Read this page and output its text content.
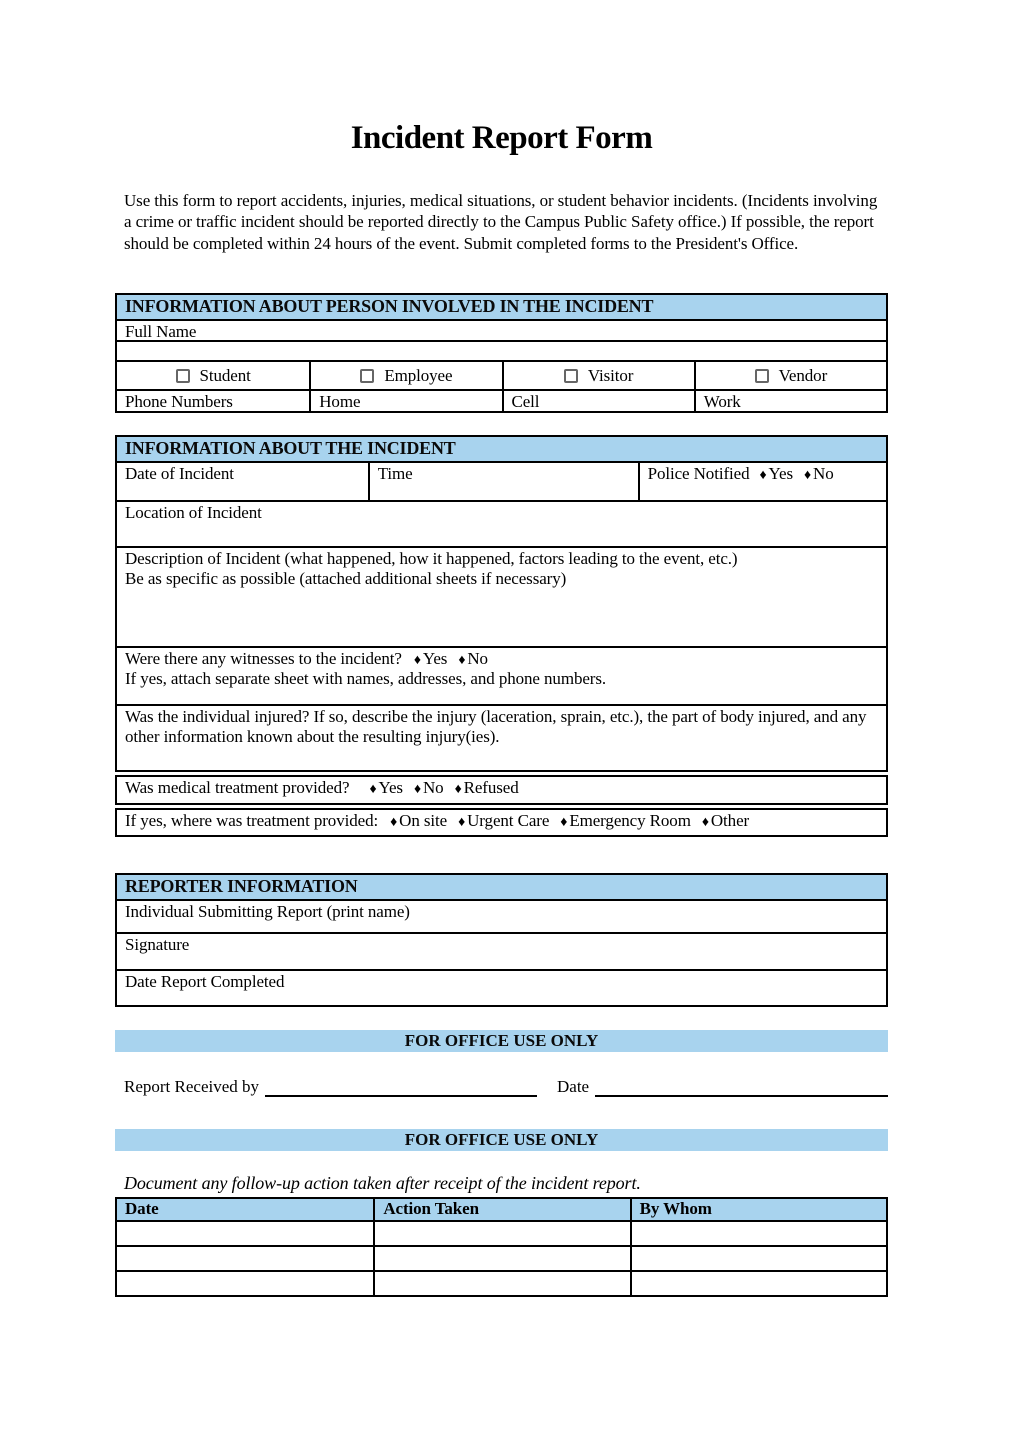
Incident Report Form
Use this form to report accidents, injuries, medical situations, or student behavior incidents. (Incidents involving a crime or traffic incident should be reported directly to the Campus Public Safety office.) If possible, the report should be completed within 24 hours of the event. Submit completed forms to the President's Office.
INFORMATION ABOUT PERSON INVOLVED IN THE INCIDENT
Full Name
Student	Employee	Visitor	Vendor
Phone Numbers	Home	Cell	Work
INFORMATION ABOUT THE INCIDENT
Date of Incident	Time	Police Notified ♦ Yes ♦ No
Location of Incident
Description of Incident (what happened, how it happened, factors leading to the event, etc.)
Be as specific as possible (attached additional sheets if necessary)
Were there any witnesses to the incident? ♦ Yes ♦ No
If yes, attach separate sheet with names, addresses, and phone numbers.
Was the individual injured? If so, describe the injury (laceration, sprain, etc.), the part of body injured, and any other information known about the resulting injury(ies).
Was medical treatment provided? ♦ Yes ♦ No ♦ Refused
If yes, where was treatment provided: ♦ On site ♦ Urgent Care ♦ Emergency Room ♦ Other
REPORTER INFORMATION
Individual Submitting Report (print name)
Signature
Date Report Completed
FOR OFFICE USE ONLY
Report Received by	Date
FOR OFFICE USE ONLY
Document any follow-up action taken after receipt of the incident report.
Date	Action Taken	By Whom
